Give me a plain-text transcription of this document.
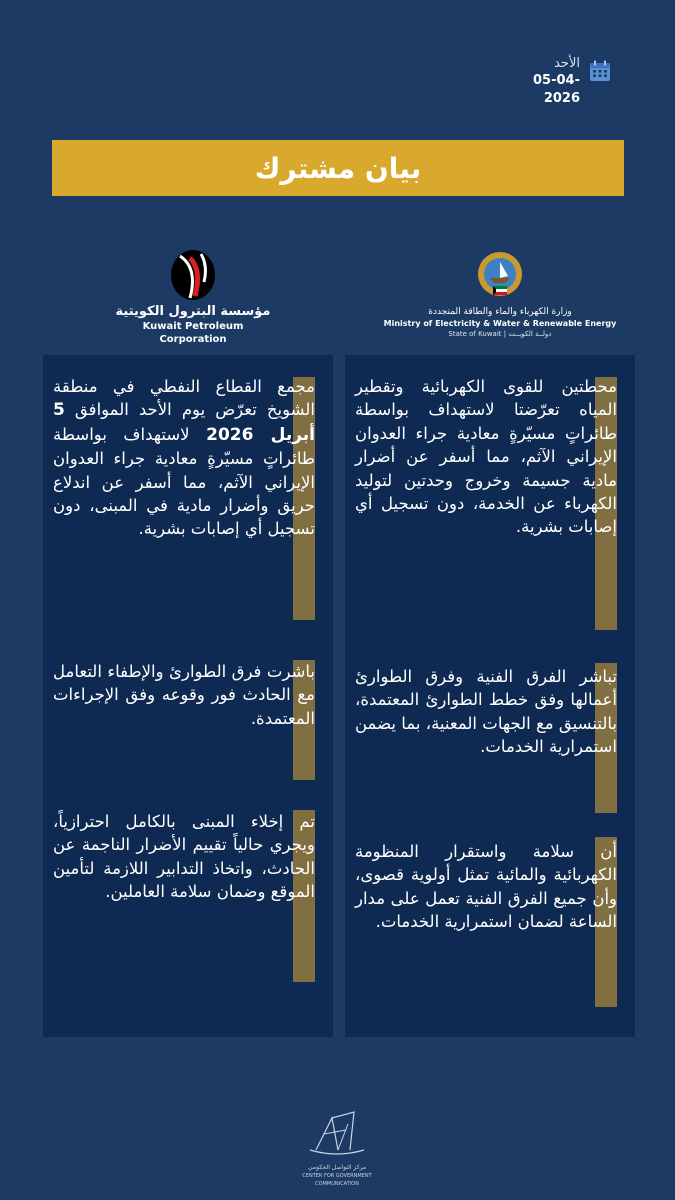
الأحد
05-04-2026
بيان مشترك
مؤسسة البترول الكويتية
Kuwait Petroleum Corporation
وزارة الكهرباء والماء والطاقة المتجددة
Ministry of Electricity & Water & Renewable Energy
State of Kuwait | دولــة الكويــت

مجمع القطاع النفطي في منطقة الشويخ تعرّض يوم الأحد الموافق 5 أبريل 2026 لاستهداف بواسطة طائراتٍ مسيّرةٍ معادية جراء العدوان الإيراني الآثم، مما أسفر عن اندلاع حريق وأضرار مادية في المبنى، دون تسجيل أي إصابات بشرية.

باشرت فرق الطوارئ والإطفاء التعامل مع الحادث فور وقوعه وفق الإجراءات المعتمدة.

تم إخلاء المبنى بالكامل احترازياً، ويجري حالياً تقييم الأضرار الناجمة عن الحادث، واتخاذ التدابير اللازمة لتأمين الموقع وضمان سلامة العاملين.

محطتين للقوى الكهربائية وتقطير المياه تعرّضتا لاستهداف بواسطة طائراتٍ مسيّرةٍ معادية جراء العدوان الإيراني الآثم، مما أسفر عن أضرار مادية جسيمة وخروج وحدتين لتوليد الكهرباء عن الخدمة، دون تسجيل أي إصابات بشرية.

تباشر الفرق الفنية وفرق الطوارئ أعمالها وفق خطط الطوارئ المعتمدة، بالتنسيق مع الجهات المعنية، بما يضمن استمرارية الخدمات.

أن سلامة واستقرار المنظومة الكهربائية والمائية تمثل أولوية قصوى، وأن جميع الفرق الفنية تعمل على مدار الساعة لضمان استمرارية الخدمات.

مركز التواصل الحكومي
CENTER FOR GOVERNMENT COMMUNICATION
